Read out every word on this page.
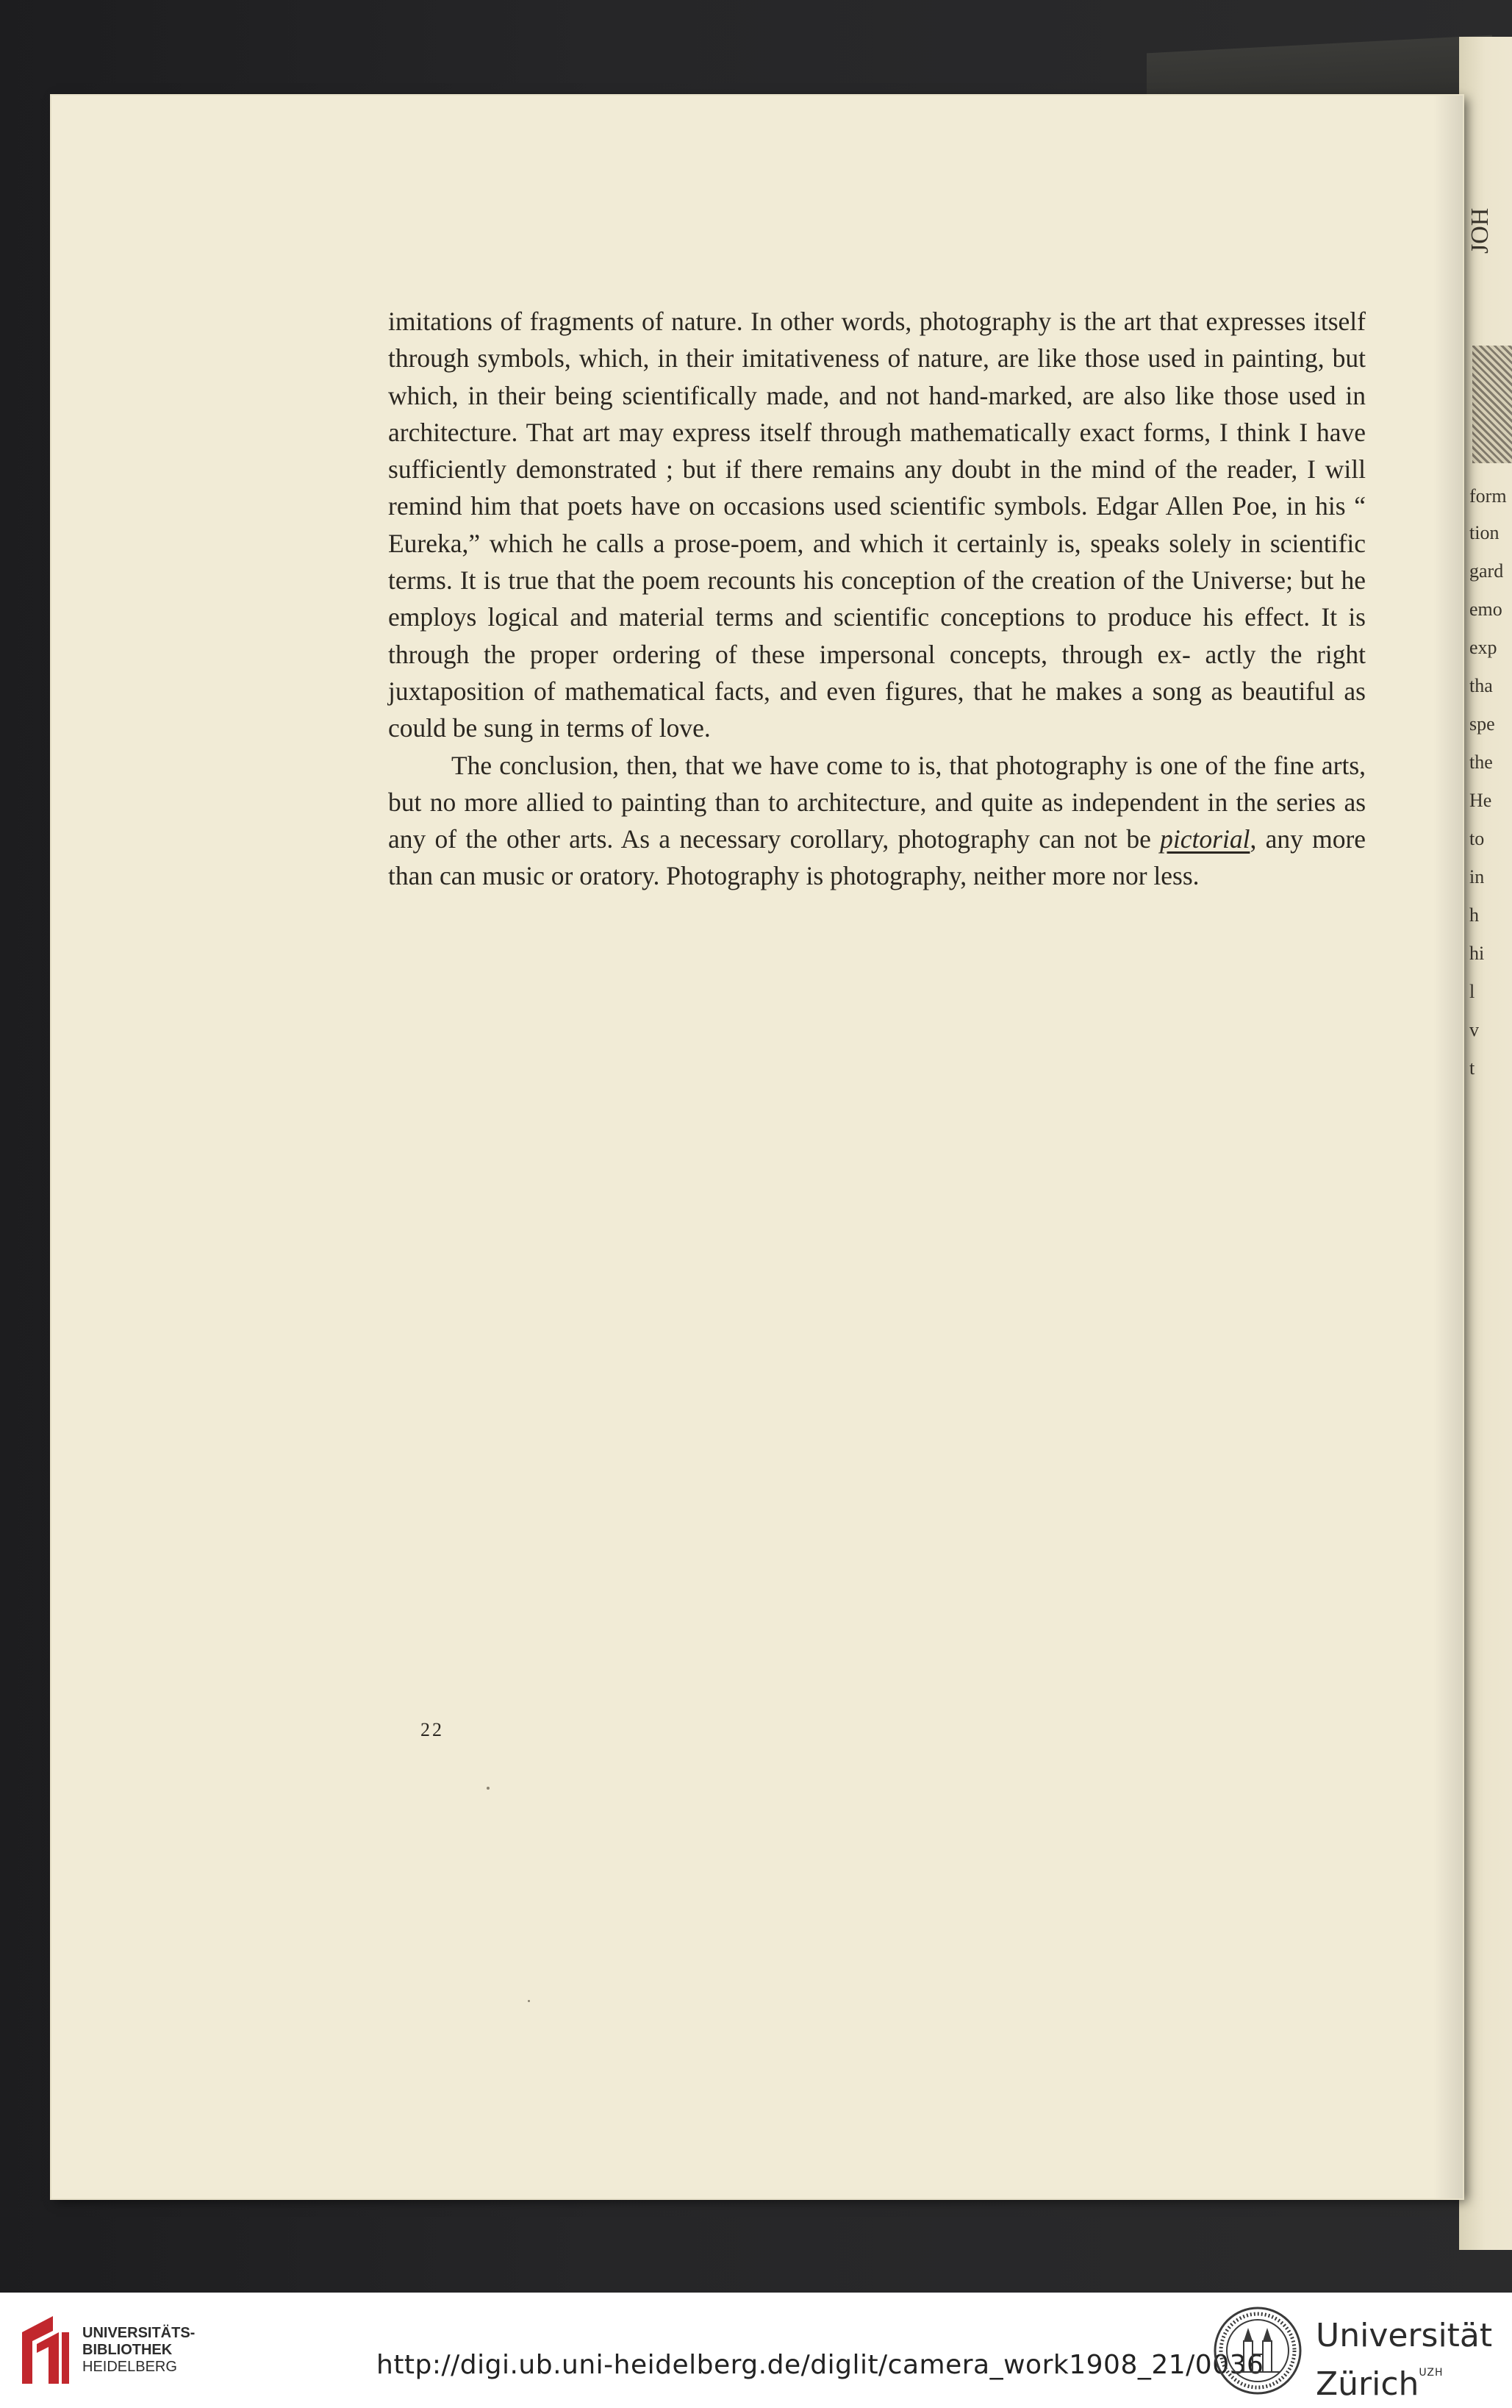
JOH
form
tion
gard
emo
exp
tha
spe
the
He
to
in
h
hi
l
v
t

imitations of fragments of nature. In other words, photography is the art that expresses itself through symbols, which, in their imitativeness of nature, are like those used in painting, but which, in their being scientifically made, and not hand-marked, are also like those used in architecture. That art may express itself through mathematically exact forms, I think I have sufficiently demonstrated ; but if there remains any doubt in the mind of the reader, I will remind him that poets have on occasions used scientific symbols. Edgar Allen Poe, in his “ Eureka,” which he calls a prose-poem, and which it certainly is, speaks solely in scientific terms. It is true that the poem recounts his conception of the creation of the Universe; but he employs logical and material terms and scientific conceptions to produce his effect. It is through the proper ordering of these impersonal concepts, through ex- actly the right juxtaposition of mathematical facts, and even figures, that he makes a song as beautiful as could be sung in terms of love.

The conclusion, then, that we have come to is, that photography is one of the fine arts, but no more allied to painting than to architecture, and quite as independent in the series as any of the other arts. As a necessary corollary, photography can not be pictorial, any more than can music or oratory. Photography is photography, neither more nor less.

22
UNIVERSITÄTS-
BIBLIOTHEK
HEIDELBERG	http://digi.ub.uni-heidelberg.de/diglit/camera_work1908_21/0036
Universität
Zürich$^{UZH}$
